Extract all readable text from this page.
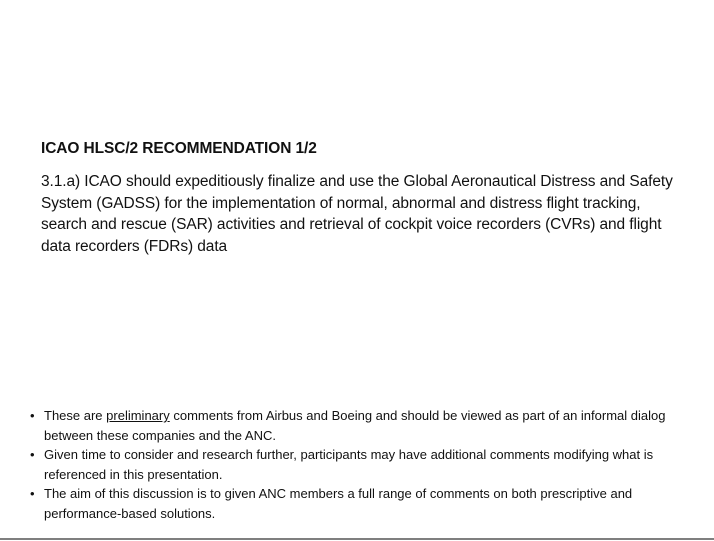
ICAO HLSC/2 RECOMMENDATION 1/2
3.1.a) ICAO should expeditiously finalize and use the Global Aeronautical Distress and Safety System (GADSS) for the implementation of normal, abnormal and distress flight tracking, search and rescue (SAR) activities and retrieval of cockpit voice recorders (CVRs) and flight data recorders (FDRs) data
• These are preliminary comments from Airbus and Boeing and should be viewed as part of an informal dialog between these companies and the ANC.
• Given time to consider and research further, participants may have additional comments modifying what is referenced in this presentation.
• The aim of this discussion is to given ANC members a full range of comments on both prescriptive and performance-based solutions.
